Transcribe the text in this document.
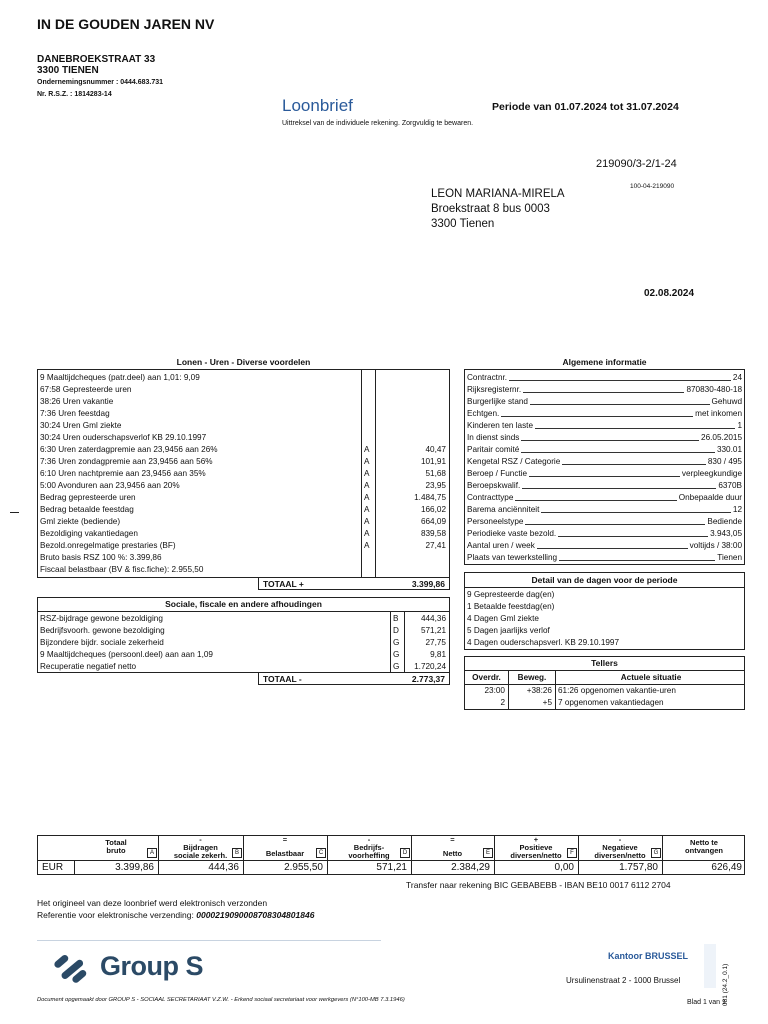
IN DE GOUDEN JAREN NV
DANEBROEKSTRAAT 33
3300 TIENEN
Ondernemingsnummer : 0444.683.731
Nr. R.S.Z. : 1814283-14
Loonbrief	Periode van 01.07.2024 tot 31.07.2024
Uittreksel van de individuele rekening. Zorgvuldig te bewaren.
219090/3-2/1-24
100-04-219090
LEON MARIANA-MIRELA
Broekstraat 8 bus 0003
3300 Tienen
02.08.2024
Lonen - Uren - Diverse voordelen
9 Maaltijdcheques (patr.deel) aan 1,01: 9,09
67:58 Gepresteerde uren
38:26 Uren vakantie
7:36 Uren feestdag
30:24 Uren Gml ziekte
30:24 Uren ouderschapsverlof KB 29.10.1997
6:30 Uren zaterdagpremie aan 23,9456 aan 26%	A	40,47
7:36 Uren zondagpremie aan 23,9456 aan 56%	A	101,91
6:10 Uren nachtpremie aan 23,9456 aan 35%	A	51,68
5:00 Avonduren aan 23,9456 aan 20%	A	23,95
Bedrag gepresteerde uren	A	1.484,75
Bedrag betaalde feestdag	A	166,02
Gml ziekte (bediende)	A	664,09
Bezoldiging vakantiedagen	A	839,58
Bezold.onregelmatige prestaries (BF)	A	27,41
Bruto basis RSZ 100 %: 3.399,86
Fiscaal belastbaar (BV & fisc.fiche): 2.955,50
TOTAAL +	3.399,86
Sociale, fiscale en andere afhoudingen
RSZ-bijdrage gewone bezoldiging	B	444,36
Bedrijfsvoorh. gewone bezoldiging	D	571,21
Bijzondere bijdr. sociale zekerheid	G	27,75
9 Maaltijdcheques (persoonl.deel) aan aan 1,09	G	9,81
Recuperatie negatief netto	G 1.720,24
TOTAAL -	2.773,37
Algemene informatie
Contractnr.	24
Rijksregisternr.	870830-480-18
Burgerlijke stand	Gehuwd
Echtgen.	met inkomen
Kinderen ten laste	1
In dienst sinds	26.05.2015
Paritair comité	330.01
Kengetal RSZ / Categorie	830 / 495
Beroep / Functie	verpleegkundige
Beroepskwalif.	6370B
Contracttype	Onbepaalde duur
Barema anciënniteit	12
Personeelstype	Bediende
Periodieke vaste bezold.	3.943,05
Aantal uren / week	voltijds / 38:00
Plaats van tewerkstelling	Tienen
Detail van de dagen voor de periode
9 Gepresteerde dag(en)
1 Betaalde feestdag(en)
4 Dagen Gml ziekte
5 Dagen jaarlijks verlof
4 Dagen ouderschapsverl. KB 29.10.1997
Tellers
Overdr.	Beweg.	Actuele situatie
23:00	+38:26 61:26 opgenomen vakantie-uren
2	+5 7 opgenomen vakantiedagen
Totaal
bruto	A
-
Bijdragen
sociale zekerh.	B
=
Belastbaar	C
-
Bedrijfs-
voorheffing	D
=
Netto	E
+
Positieve
diversen/netto	F
-
Negatieve
diversen/netto	G
Netto te
ontvangen
EUR	3.399,86	444,36	2.955,50	571,21	2.384,29	0,00	1.757,80	626,49
Transfer naar rekening BIC GEBABEBB - IBAN BE10 0017 6112 2704
Het origineel van deze loonbrief werd elektronisch verzonden
Referentie voor elektronische verzending: 00002190900087083048​01846
Group S	Kantoor BRUSSEL
Ursulinenstraat 2 - 1000 Brussel	081 (24.2_0.1)
Document opgemaakt door GROUP S - SOCIAAL SECRETARIAAT V.Z.W. - Erkend sociaal secretariaat voor werkgevers (N°100-MB 7.3.1946)	Blad 1 van 1
